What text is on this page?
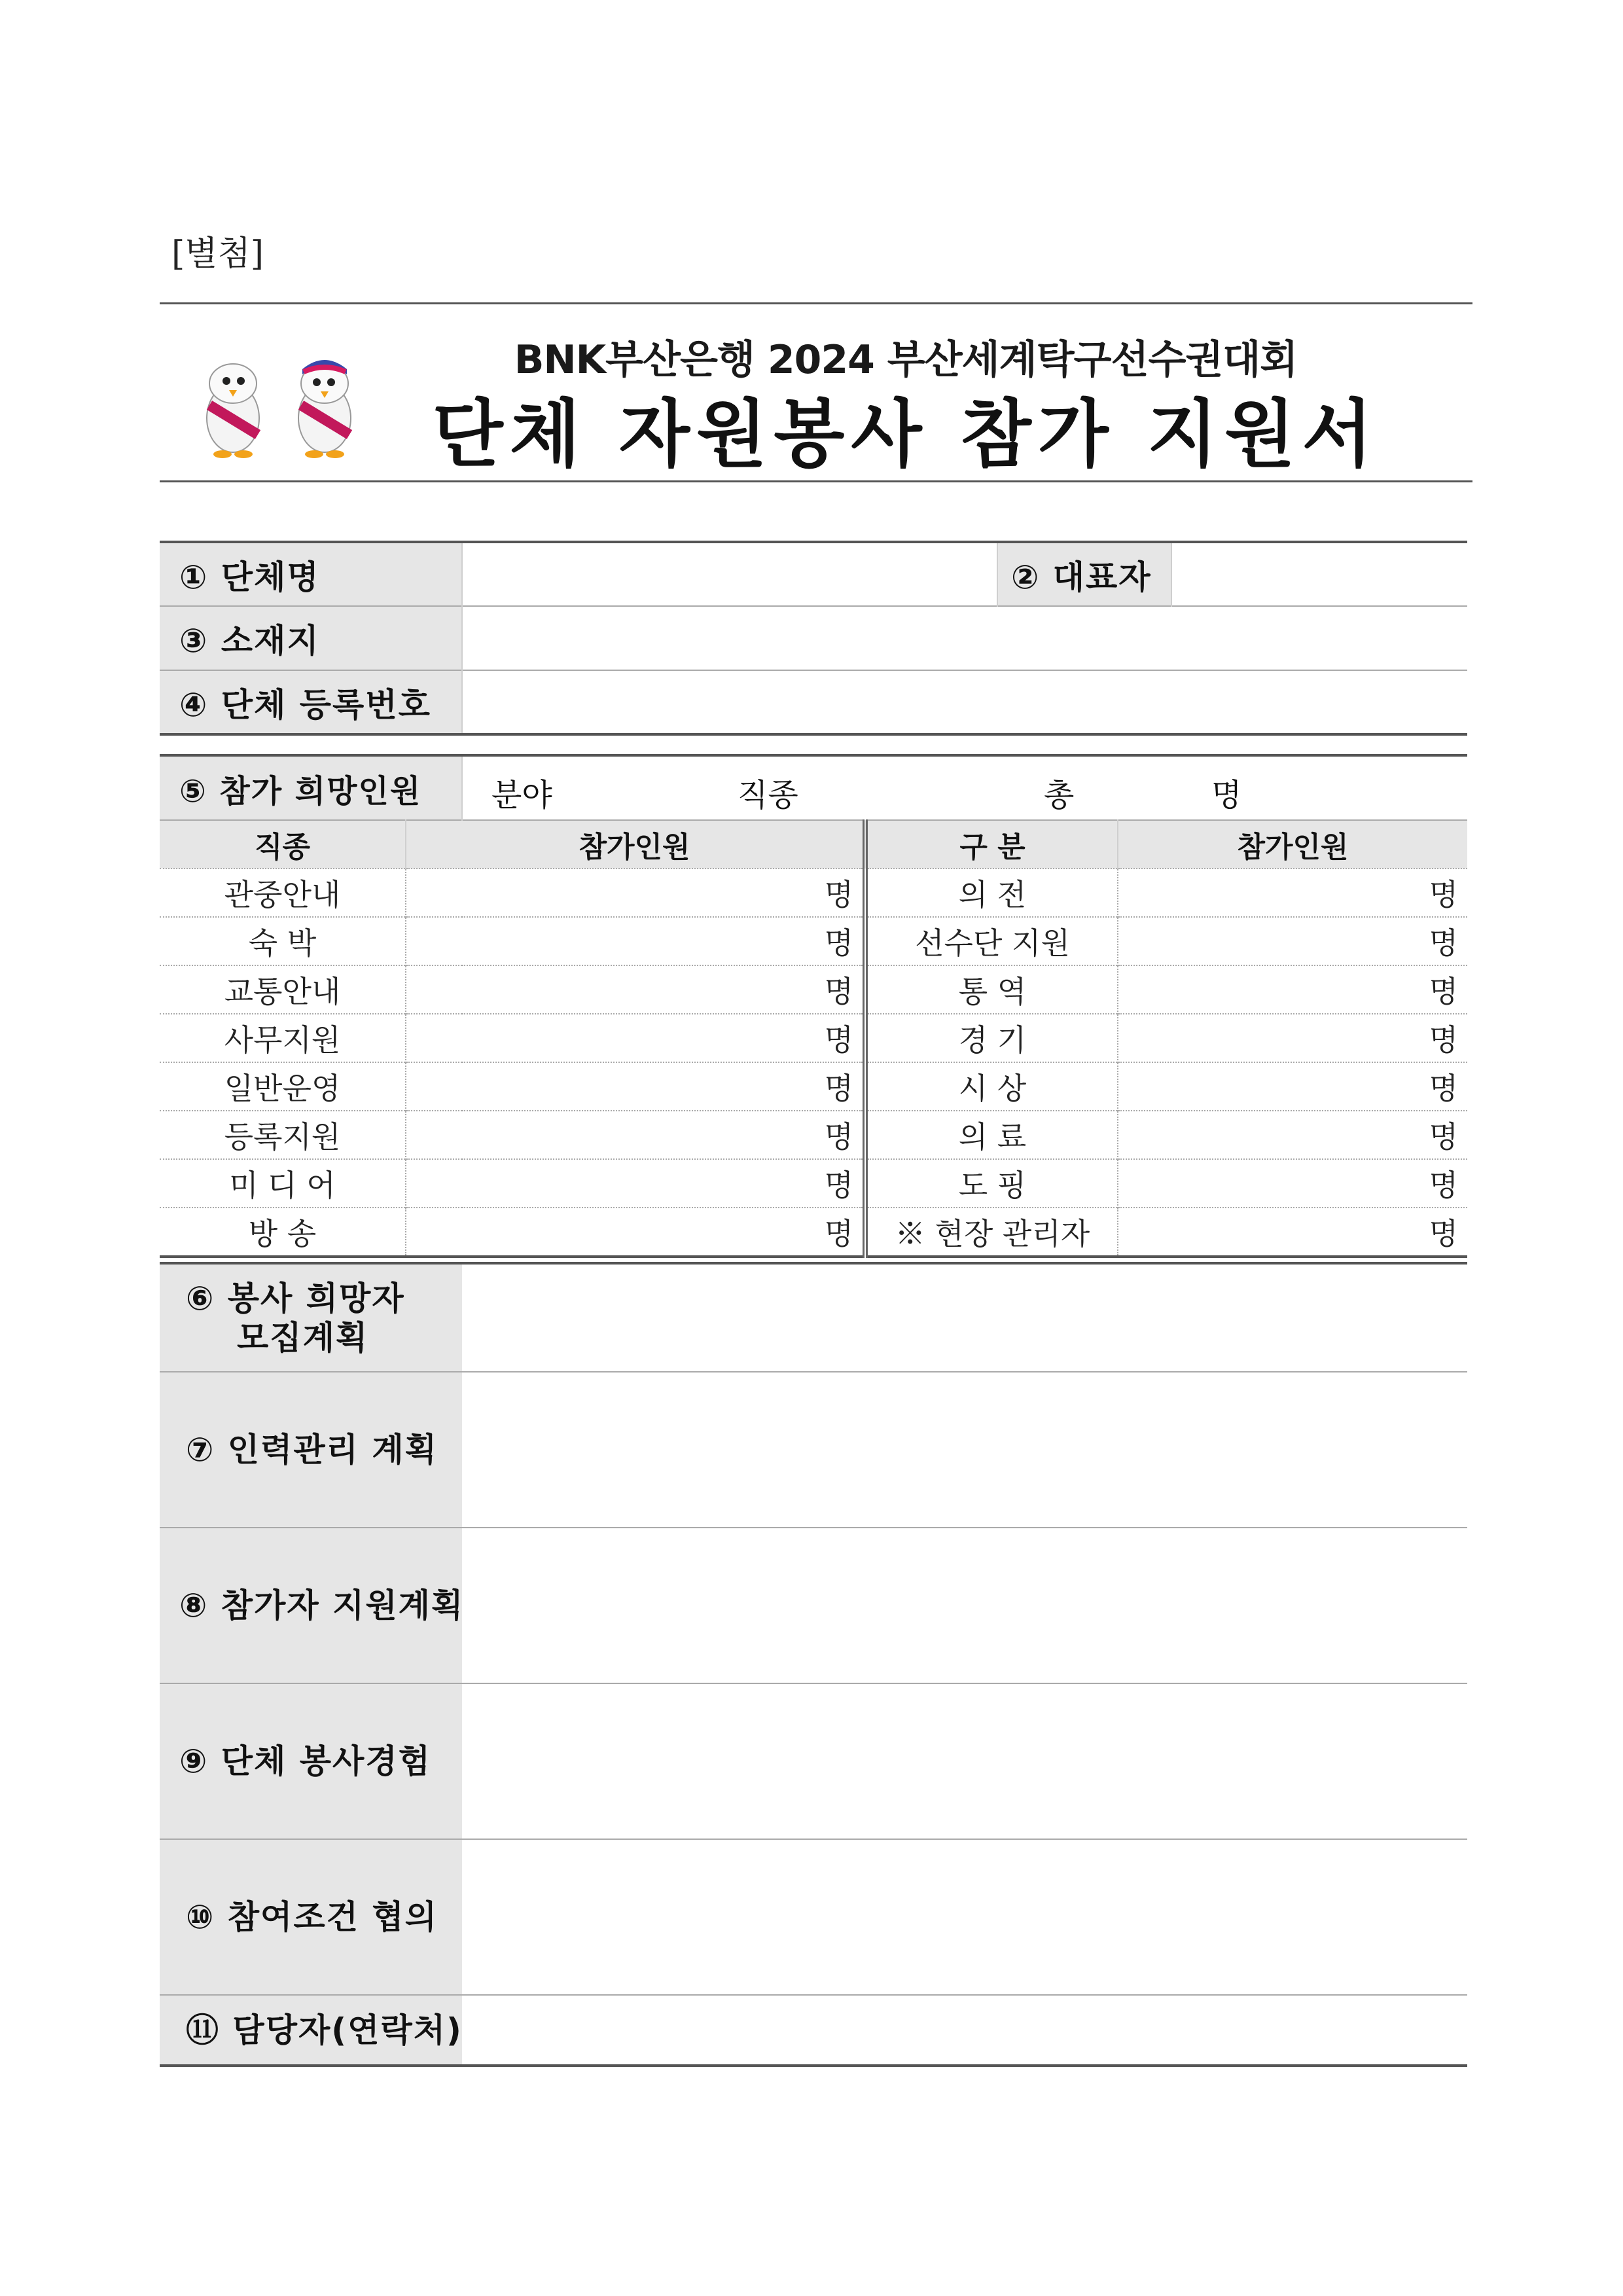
[별첨]
BNK부산은행 2024 부산세계탁구선수권대회
단체 자원봉사 참가 지원서
① 단체명		② 대표자	
③ 소재지			
④ 단체 등록번호			
⑤ 참가 희망인원		분야 직종 총 명		

직종	참가인원		구 분	참가인원
관중안내	명		의 전	명
숙 박	명		선수단 지원	명
교통안내	명		통 역	명
사무지원	명		경 기	명
일반운영	명		시 상	명
등록지원	명		의 료	명
미 디 어	명		도 핑	명
방 송	명		※ 현장 관리자	명
⑥ 봉사 희망자
모집계획	

⑦ 인력관리 계획	
⑧ 참가자 지원계획	
⑨ 단체 봉사경험	
⑩ 참여조건 협의	
⑪ 담당자(연락처)	
